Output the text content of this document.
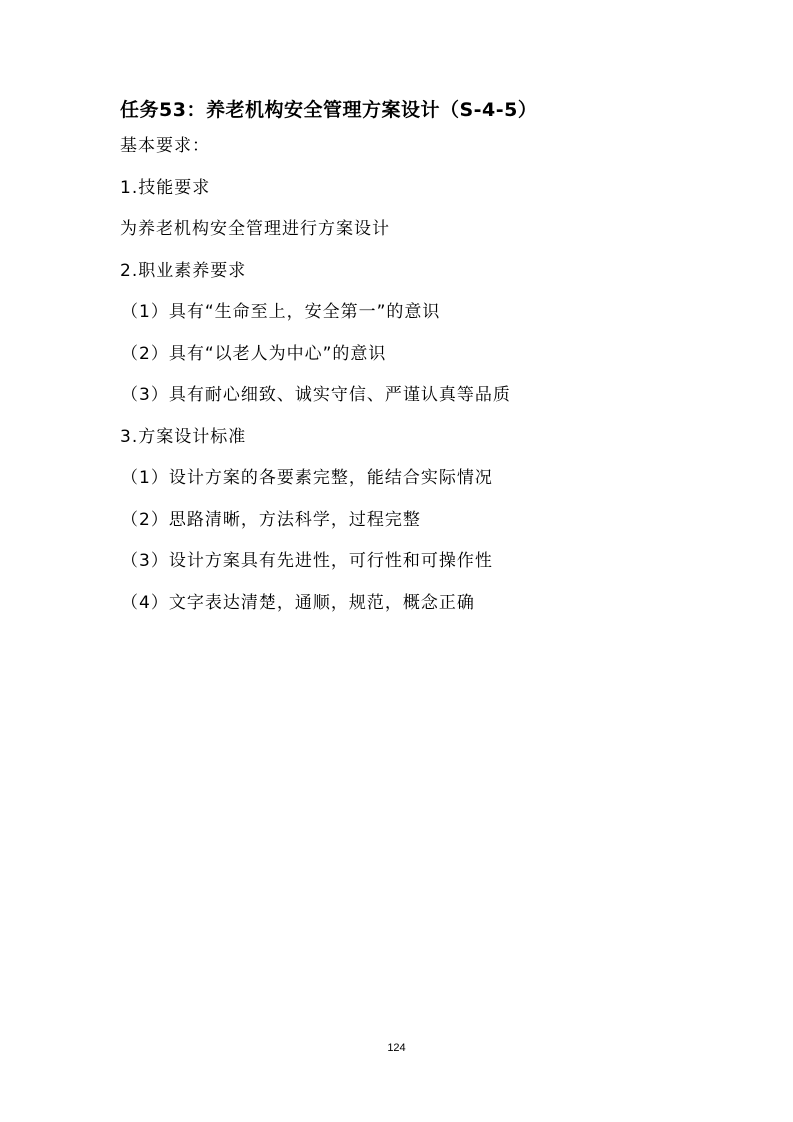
任务53：养老机构安全管理方案设计（S-4-5）
基本要求：
1.技能要求
为养老机构安全管理进行方案设计
2.职业素养要求
（1）具有“生命至上，安全第一”的意识
（2）具有“以老人为中心”的意识
（3）具有耐心细致、诚实守信、严谨认真等品质
3.方案设计标准
（1）设计方案的各要素完整，能结合实际情况
（2）思路清晰，方法科学，过程完整
（3）设计方案具有先进性，可行性和可操作性
（4）文字表达清楚，通顺，规范，概念正确
124
